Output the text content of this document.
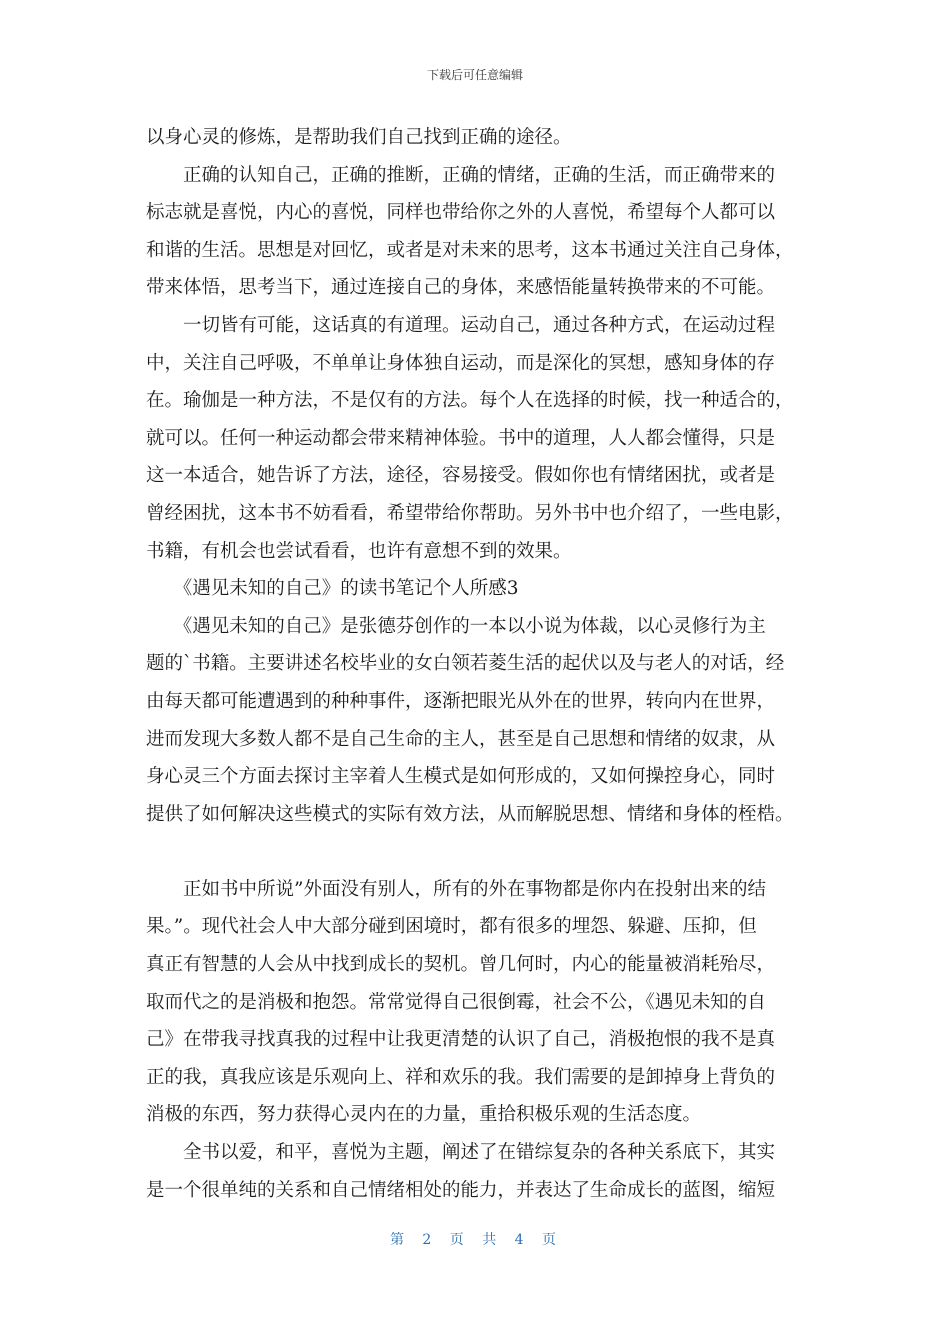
下载后可任意编辑
以身心灵的修炼，是帮助我们自己找到正确的途径。
　　正确的认知自己，正确的推断，正确的情绪，正确的生活，而正确带来的
标志就是喜悦，内心的喜悦，同样也带给你之外的人喜悦，希望每个人都可以
和谐的生活。思想是对回忆，或者是对未来的思考，这本书通过关注自己身体，
带来体悟，思考当下，通过连接自己的身体，来感悟能量转换带来的不可能。
　　一切皆有可能，这话真的有道理。运动自己，通过各种方式，在运动过程
中，关注自己呼吸，不单单让身体独自运动，而是深化的冥想，感知身体的存
在。瑜伽是一种方法，不是仅有的方法。每个人在选择的时候，找一种适合的，
就可以。任何一种运动都会带来精神体验。书中的道理，人人都会懂得，只是
这一本适合，她告诉了方法，途径，容易接受。假如你也有情绪困扰，或者是
曾经困扰，这本书不妨看看，希望带给你帮助。另外书中也介绍了，一些电影，
书籍，有机会也尝试看看，也许有意想不到的效果。
　　《遇见未知的自己》的读书笔记个人所感3
　　《遇见未知的自己》是张德芬创作的一本以小说为体裁，以心灵修行为主
题的`书籍。主要讲述名校毕业的女白领若菱生活的起伏以及与老人的对话，经
由每天都可能遭遇到的种种事件，逐渐把眼光从外在的世界，转向内在世界，
进而发现大多数人都不是自己生命的主人，甚至是自己思想和情绪的奴隶，从
身心灵三个方面去探讨主宰着人生模式是如何形成的，又如何操控身心，同时
提供了如何解决这些模式的实际有效方法，从而解脱思想、情绪和身体的桎梏。
　　正如书中所说”外面没有别人，所有的外在事物都是你内在投射出来的结
果。”。现代社会人中大部分碰到困境时，都有很多的埋怨、躲避、压抑，但
真正有智慧的人会从中找到成长的契机。曾几何时，内心的能量被消耗殆尽，
取而代之的是消极和抱怨。常常觉得自己很倒霉，社会不公，《遇见未知的自
己》在带我寻找真我的过程中让我更清楚的认识了自己，消极抱恨的我不是真
正的我，真我应该是乐观向上、祥和欢乐的我。我们需要的是卸掉身上背负的
消极的东西，努力获得心灵内在的力量，重拾积极乐观的生活态度。
　　全书以爱，和平，喜悦为主题，阐述了在错综复杂的各种关系底下，其实
是一个很单纯的关系和自己情绪相处的能力，并表达了生命成长的蓝图，缩短
第 2 页 共 4 页
